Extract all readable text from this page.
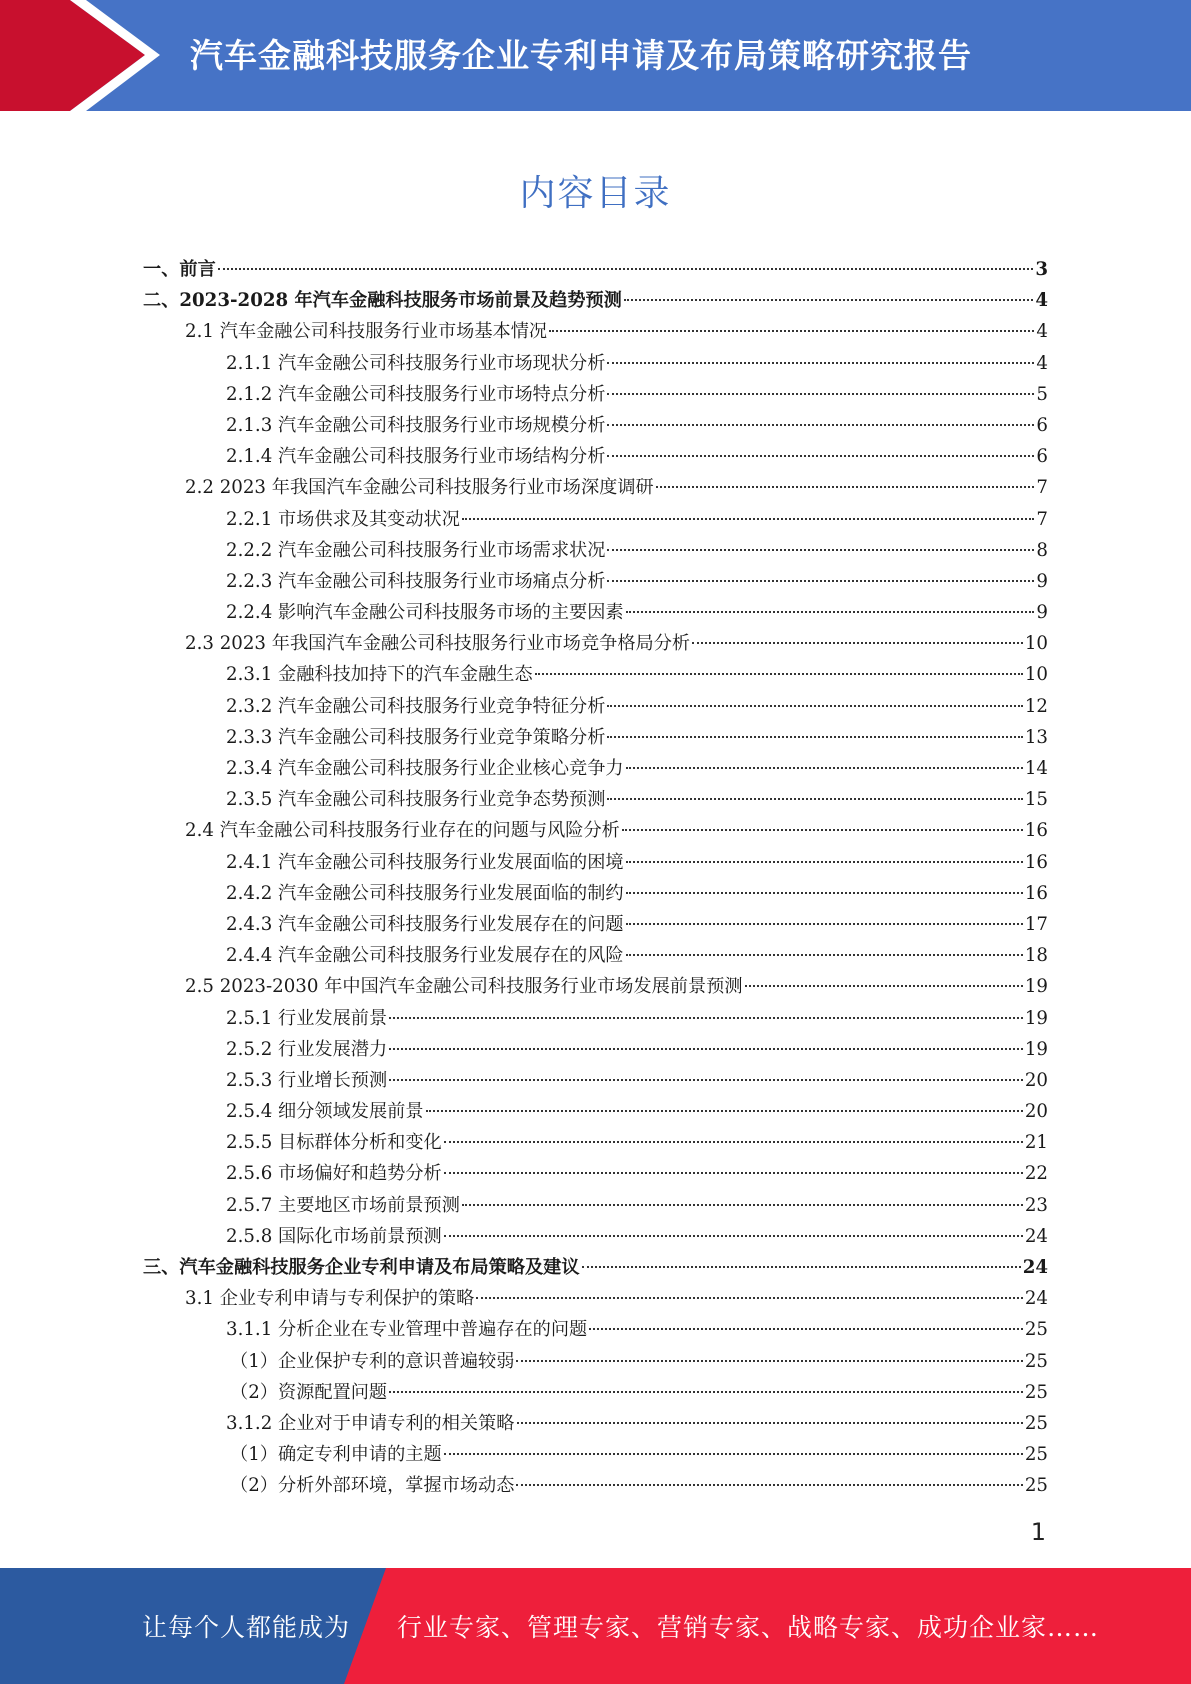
汽车金融科技服务企业专利申请及布局策略研究报告
内容目录
一、前言	3
二、2023-2028 年汽车金融科技服务市场前景及趋势预测	4
2.1 汽车金融公司科技服务行业市场基本情况	4
2.1.1 汽车金融公司科技服务行业市场现状分析	4
2.1.2 汽车金融公司科技服务行业市场特点分析	5
2.1.3 汽车金融公司科技服务行业市场规模分析	6
2.1.4 汽车金融公司科技服务行业市场结构分析	6
2.2 2023 年我国汽车金融公司科技服务行业市场深度调研	7
2.2.1 市场供求及其变动状况	7
2.2.2 汽车金融公司科技服务行业市场需求状况	8
2.2.3 汽车金融公司科技服务行业市场痛点分析	9
2.2.4 影响汽车金融公司科技服务市场的主要因素	9
2.3 2023 年我国汽车金融公司科技服务行业市场竞争格局分析	10
2.3.1 金融科技加持下的汽车金融生态	10
2.3.2 汽车金融公司科技服务行业竞争特征分析	12
2.3.3 汽车金融公司科技服务行业竞争策略分析	13
2.3.4 汽车金融公司科技服务行业企业核心竞争力	14
2.3.5 汽车金融公司科技服务行业竞争态势预测	15
2.4 汽车金融公司科技服务行业存在的问题与风险分析	16
2.4.1 汽车金融公司科技服务行业发展面临的困境	16
2.4.2 汽车金融公司科技服务行业发展面临的制约	16
2.4.3 汽车金融公司科技服务行业发展存在的问题	17
2.4.4 汽车金融公司科技服务行业发展存在的风险	18
2.5 2023-2030 年中国汽车金融公司科技服务行业市场发展前景预测	19
2.5.1 行业发展前景	19
2.5.2 行业发展潜力	19
2.5.3 行业增长预测	20
2.5.4 细分领域发展前景	20
2.5.5 目标群体分析和变化	21
2.5.6 市场偏好和趋势分析	22
2.5.7 主要地区市场前景预测	23
2.5.8 国际化市场前景预测	24
三、汽车金融科技服务企业专利申请及布局策略及建议	24
3.1 企业专利申请与专利保护的策略	24
3.1.1 分析企业在专业管理中普遍存在的问题	25
（1）企业保护专利的意识普遍较弱	25
（2）资源配置问题	25
3.1.2 企业对于申请专利的相关策略	25
（1）确定专利申请的主题	25
（2）分析外部环境，掌握市场动态	25
1
让每个人都能成为 行业专家、管理专家、营销专家、战略专家、成功企业家……
